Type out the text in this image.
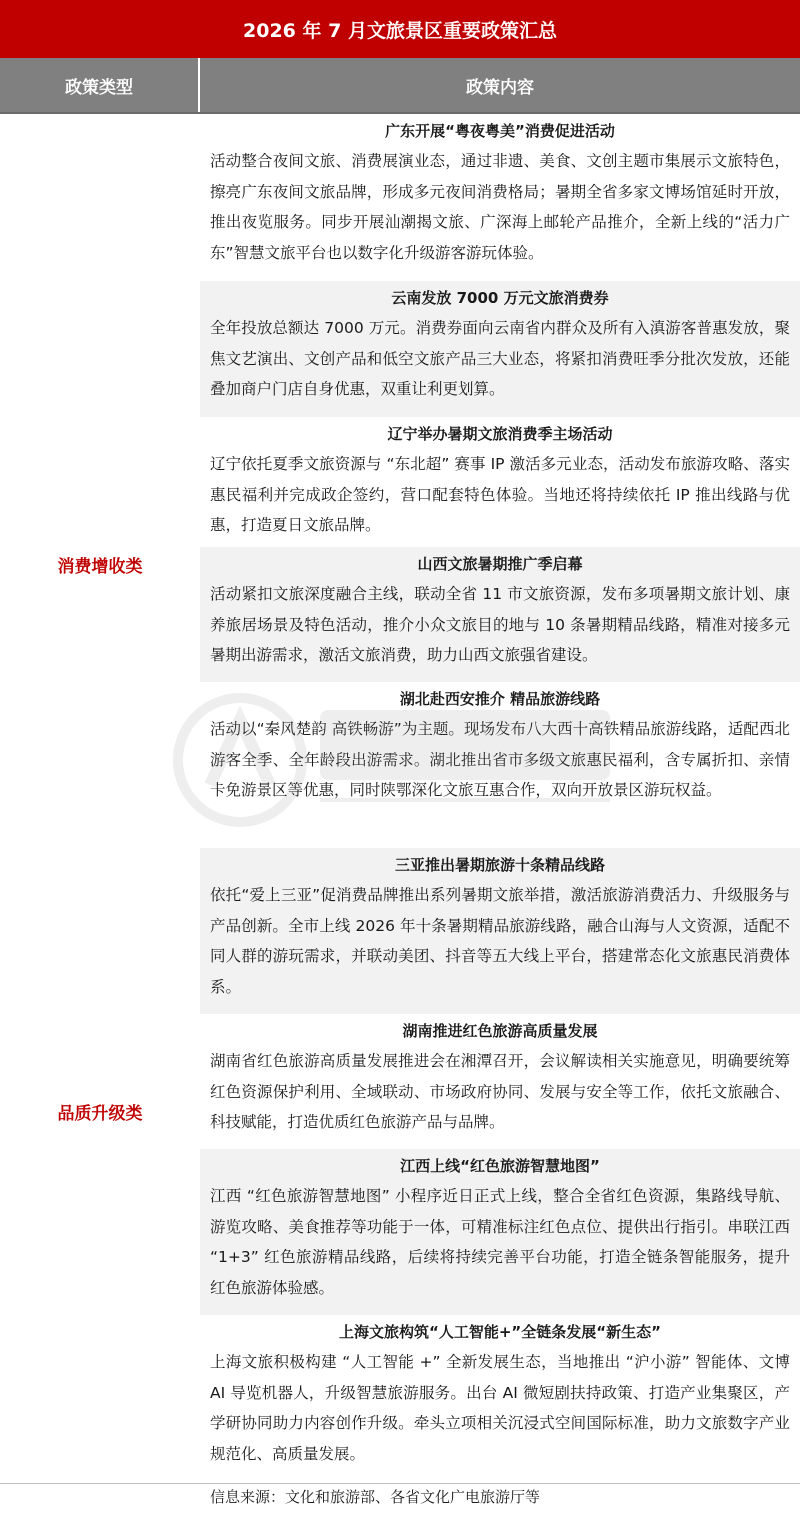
2026 年 7 月文旅景区重要政策汇总
政策类型	政策内容
消费增收类
品质升级类
广东开展“粤夜粤美”消费促进活动
活动整合夜间文旅、消费展演业态，通过非遗、美食、文创主题市集展示文旅特色，擦亮广东夜间文旅品牌，形成多元夜间消费格局；暑期全省多家文博场馆延时开放，推出夜览服务。同步开展汕潮揭文旅、广深海上邮轮产品推介，全新上线的“活力广东”智慧文旅平台也以数字化升级游客游玩体验。
云南发放 7000 万元文旅消费券
全年投放总额达 7000 万元。消费券面向云南省内群众及所有入滇游客普惠发放，聚焦文艺演出、文创产品和低空文旅产品三大业态，将紧扣消费旺季分批次发放，还能叠加商户门店自身优惠，双重让利更划算。
辽宁举办暑期文旅消费季主场活动
辽宁依托夏季文旅资源与 “东北超” 赛事 IP 激活多元业态，活动发布旅游攻略、落实惠民福利并完成政企签约，营口配套特色体验。当地还将持续依托 IP 推出线路与优惠，打造夏日文旅品牌。
山西文旅暑期推广季启幕
活动紧扣文旅深度融合主线，联动全省 11 市文旅资源，发布多项暑期文旅计划、康养旅居场景及特色活动，推介小众文旅目的地与 10 条暑期精品线路，精准对接多元暑期出游需求，激活文旅消费，助力山西文旅强省建设。
湖北赴西安推介 精品旅游线路
活动以“秦风楚韵 高铁畅游”为主题。现场发布八大西十高铁精品旅游线路，适配西北游客全季、全年龄段出游需求。湖北推出省市多级文旅惠民福利，含专属折扣、亲情卡免游景区等优惠，同时陕鄂深化文旅互惠合作，双向开放景区游玩权益。
三亚推出暑期旅游十条精品线路
依托“爱上三亚”促消费品牌推出系列暑期文旅举措，激活旅游消费活力、升级服务与产品创新。全市上线 2026 年十条暑期精品旅游线路，融合山海与人文资源，适配不同人群的游玩需求，并联动美团、抖音等五大线上平台，搭建常态化文旅惠民消费体系。
湖南推进红色旅游高质量发展
湖南省红色旅游高质量发展推进会在湘潭召开，会议解读相关实施意见，明确要统筹红色资源保护利用、全域联动、市场政府协同、发展与安全等工作，依托文旅融合、科技赋能，打造优质红色旅游产品与品牌。
江西上线“红色旅游智慧地图”
江西 “红色旅游智慧地图” 小程序近日正式上线，整合全省红色资源，集路线导航、游览攻略、美食推荐等功能于一体，可精准标注红色点位、提供出行指引。串联江西 “1+3” 红色旅游精品线路，后续将持续完善平台功能，打造全链条智能服务，提升红色旅游体验感。
上海文旅构筑“人工智能+”全链条发展“新生态”
上海文旅积极构建 “人工智能 +” 全新发展生态，当地推出 “沪小游” 智能体、文博 AI 导览机器人，升级智慧旅游服务。出台 AI 微短剧扶持政策、打造产业集聚区，产学研协同助力内容创作升级。牵头立项相关沉浸式空间国际标准，助力文旅数字产业规范化、高质量发展。
信息来源：文化和旅游部、各省文化广电旅游厅等
